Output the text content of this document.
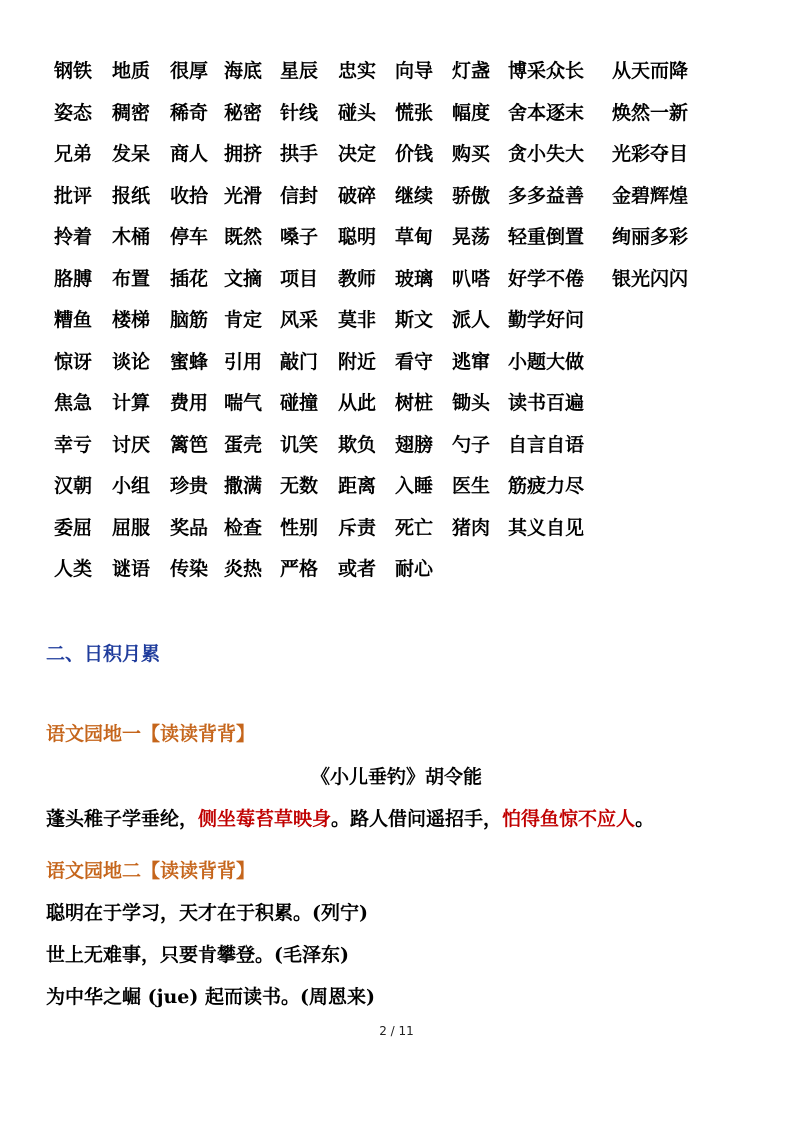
钢铁 地质 很厚 海底 星辰 忠实 向导 灯盏 博采众长 从天而降
姿态 稠密 稀奇 秘密 针线 碰头 慌张 幅度 舍本逐末 焕然一新
兄弟 发呆 商人 拥挤 拱手 决定 价钱 购买 贪小失大 光彩夺目
批评 报纸 收拾 光滑 信封 破碎 继续 骄傲 多多益善 金碧辉煌
拎着 木桶 停车 既然 嗓子 聪明 草甸 晃荡 轻重倒置 绚丽多彩
胳膊 布置 插花 文摘 项目 教师 玻璃 叭嗒 好学不倦 银光闪闪
糟鱼 楼梯 脑筋 肯定 风采 莫非 斯文 派人 勤学好问
惊讶 谈论 蜜蜂 引用 敲门 附近 看守 逃窜 小题大做
焦急 计算 费用 喘气 碰撞 从此 树桩 锄头 读书百遍
幸亏 讨厌 篱笆 蛋壳 讥笑 欺负 翅膀 勺子 自言自语
汉朝 小组 珍贵 撒满 无数 距离 入睡 医生 筋疲力尽
委屈 屈服 奖品 检查 性别 斥责 死亡 猪肉 其义自见
人类 谜语 传染 炎热 严格 或者 耐心
二、日积月累
语文园地一【读读背背】
《小儿垂钓》胡令能
蓬头稚子学垂纶，侧坐莓苔草映身。路人借问遥招手，怕得鱼惊不应人。
语文园地二【读读背背】
聪明在于学习，天才在于积累。(列宁)
世上无难事，只要肯攀登。(毛泽东)
为中华之崛 (jue) 起而读书。(周恩来)
2 / 11
